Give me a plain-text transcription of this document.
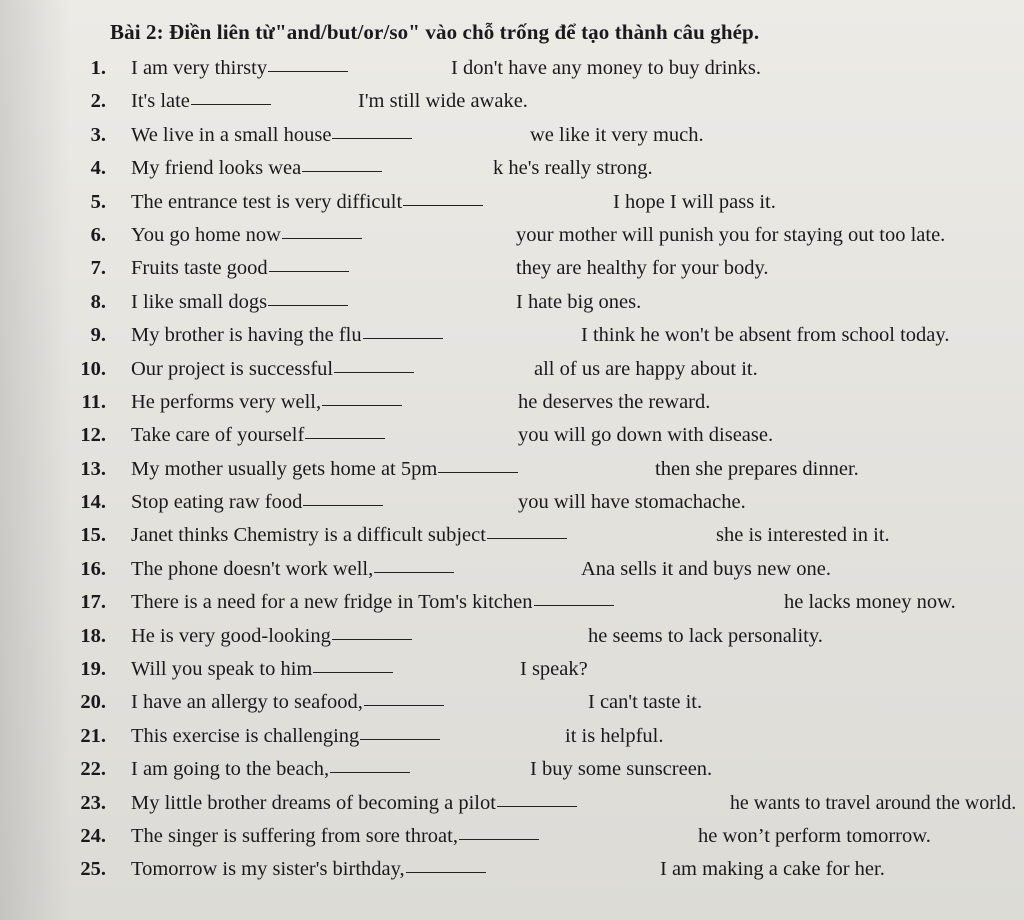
Bài 2: Điền liên từ"and/but/or/so" vào chỗ trống để tạo thành câu ghép.
1. I am very thirsty	I don't have any money to buy drinks.
2. It's late	I'm still wide awake.
3. We live in a small house	we like it very much.
4. My friend looks wea	k he's really strong.
5. The entrance test is very difficult	I hope I will pass it.
6. You go home now	your mother will punish you for staying out too late.
7. Fruits taste good	they are healthy for your body.
8. I like small dogs	I hate big ones.
9. My brother is having the flu	I think he won't be absent from school today.
10. Our project is successful	all of us are happy about it.
11. He performs very well,	he deserves the reward.
12. Take care of yourself	you will go down with disease.
13. My mother usually gets home at 5pm	then she prepares dinner.
14. Stop eating raw food	you will have stomachache.
15. Janet thinks Chemistry is a difficult subject	she is interested in it.
16. The phone doesn't work well,	Ana sells it and buys new one.
17. There is a need for a new fridge in Tom's kitchen	he lacks money now.
18. He is very good-looking	he seems to lack personality.
19. Will you speak to him	I speak?
20. I have an allergy to seafood,	I can't taste it.
21. This exercise is challenging	it is helpful.
22. I am going to the beach,	I buy some sunscreen.
23. My little brother dreams of becoming a pilot	he wants to travel around the world.
24. The singer is suffering from sore throat,	he won’t perform tomorrow.
25. Tomorrow is my sister's birthday,	I am making a cake for her.
